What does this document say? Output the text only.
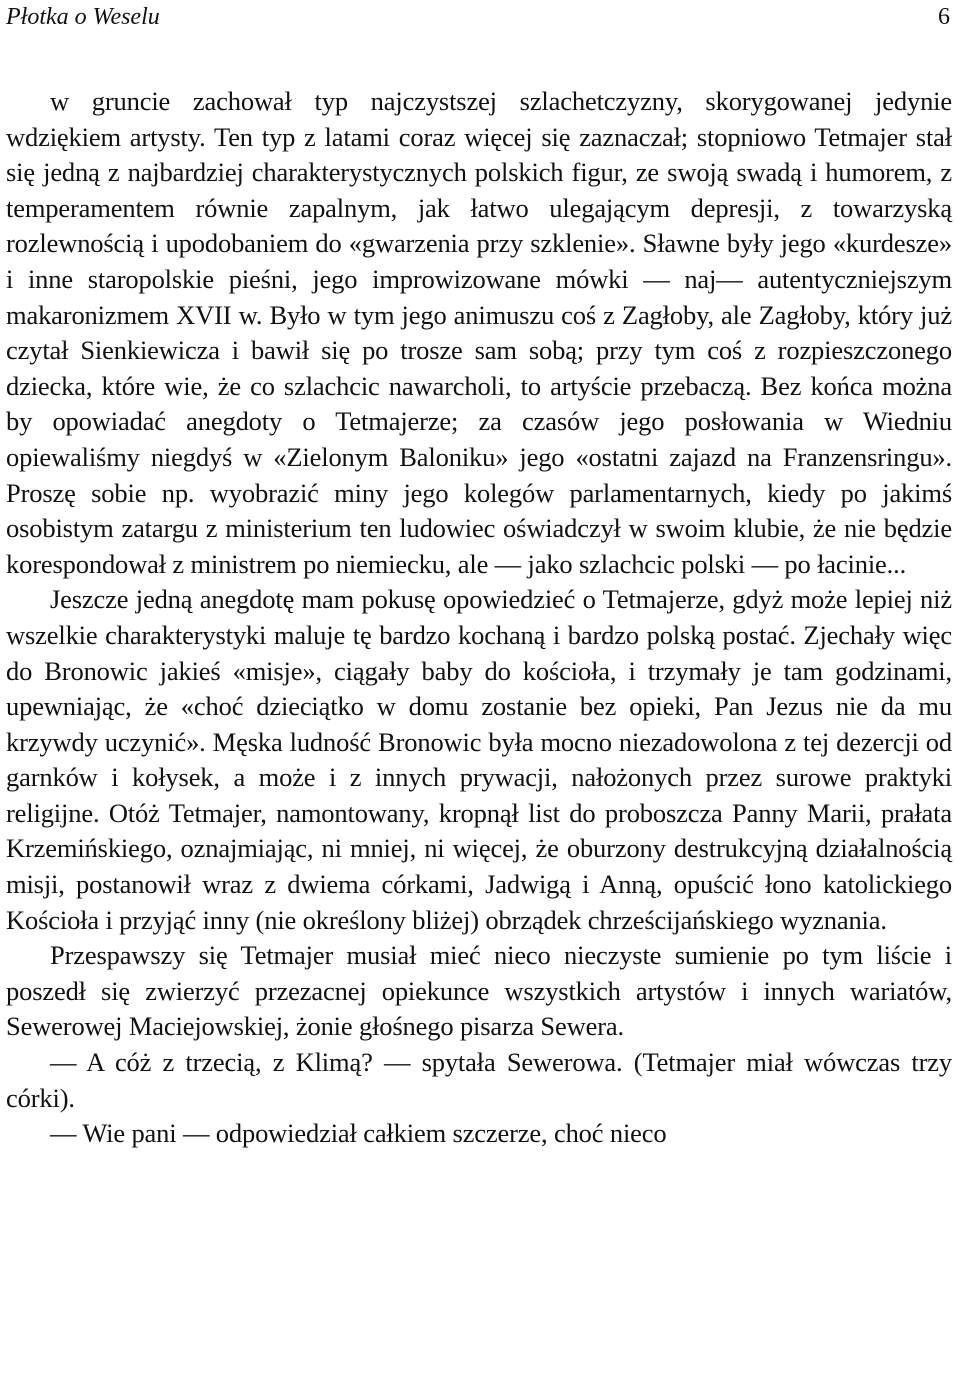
Płotka o Weselu	6

w gruncie zachował typ najczystszej szlachetczyzny, skorygowanej jedynie wdziękiem artysty. Ten typ z latami coraz więcej się zaznaczał; stopniowo Tetmajer stał się jedną z najbardziej charakterystycznych polskich figur, ze swoją swadą i humorem, z temperamentem równie zapalnym, jak łatwo ulegającym depresji, z towarzyską rozlewnością i upodobaniem do «gwarzenia przy szklenie». Sławne były jego «kurdesze» i inne staropolskie pieśni, jego improwizowane mówki — naj— autentyczniejszym makaronizmem XVII w. Było w tym jego animuszu coś z Zagłoby, ale Zagłoby, który już czytał Sienkiewicza i bawił się po trosze sam sobą; przy tym coś z rozpieszczonego dziecka, które wie, że co szlachcic nawarcholi, to artyście przebaczą. Bez końca można by opowiadać anegdoty o Tetmajerze; za czasów jego posłowania w Wiedniu opiewaliśmy niegdyś w «Zielonym Baloniku» jego «ostatni zajazd na Franzensringu». Proszę sobie np. wyobrazić miny jego kolegów parlamentarnych, kiedy po jakimś osobistym zatargu z ministerium ten ludowiec oświadczył w swoim klubie, że nie będzie korespondował z ministrem po niemiecku, ale — jako szlachcic polski — po łacinie...

Jeszcze jedną anegdotę mam pokusę opowiedzieć o Tetmajerze, gdyż może lepiej niż wszelkie charakterystyki maluje tę bardzo kochaną i bardzo polską postać. Zjechały więc do Bronowic jakieś «misje», ciągały baby do kościoła, i trzymały je tam godzinami, upewniając, że «choć dzieciątko w domu zostanie bez opieki, Pan Jezus nie da mu krzywdy uczynić». Męska ludność Bronowic była mocno niezadowolona z tej dezercji od garnków i kołysek, a może i z innych prywacji, nałożonych przez surowe praktyki religijne. Otóż Tetmajer, namontowany, kropnął list do proboszcza Panny Marii, prałata Krzemińskiego, oznajmiając, ni mniej, ni więcej, że oburzony destrukcyjną działalnością misji, postanowił wraz z dwiema córkami, Jadwigą i Anną, opuścić łono katolickiego Kościoła i przyjąć inny (nie określony bliżej) obrządek chrześcijańskiego wyznania.

Przespawszy się Tetmajer musiał mieć nieco nieczyste sumienie po tym liście i poszedł się zwierzyć przezacnej opiekunce wszystkich artystów i innych wariatów, Sewerowej Maciejowskiej, żonie głośnego pisarza Sewera.

— A cóż z trzecią, z Klimą? — spytała Sewerowa. (Tetmajer miał wówczas trzy córki).

— Wie pani — odpowiedział całkiem szczerze, choć nieco
